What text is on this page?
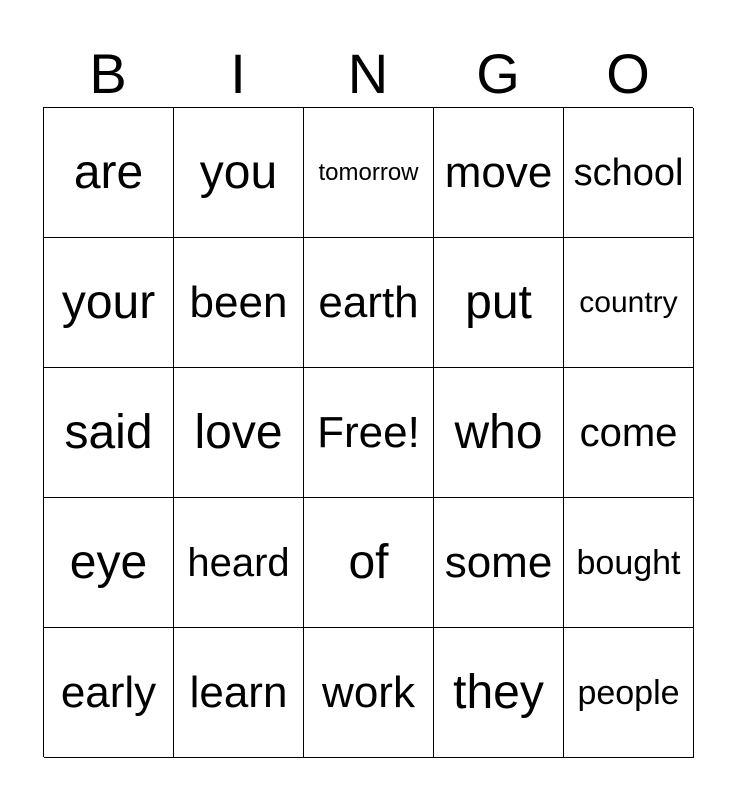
B	I	N	G	O
are	you	tomorrow move school
your been earth put	country
said love Free! who come
eye	heard	of	some bought
early learn work they people
